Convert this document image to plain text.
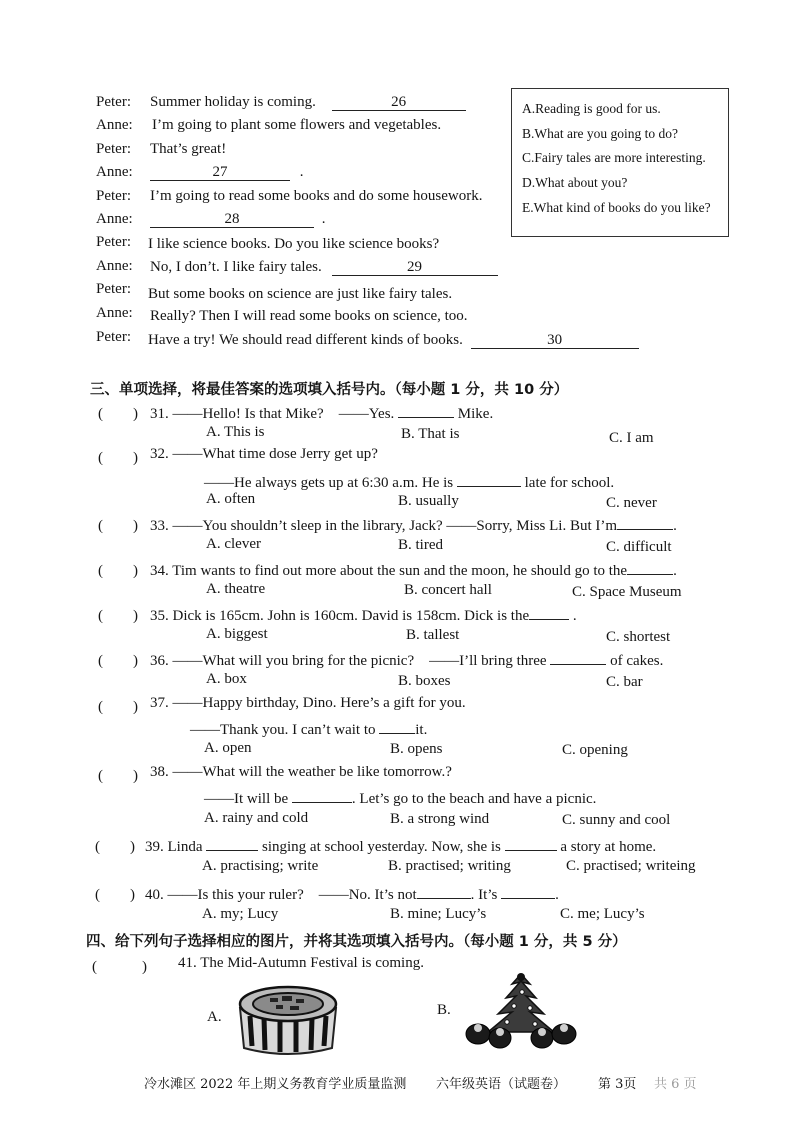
Peter: Summer holiday is coming.	26
Anne: I’m going to plant some flowers and vegetables.
Peter: That’s great!
Anne:	27	.
Peter: I’m going to read some books and do some housework.
Anne:	28	.
Peter: I like science books. Do you like science books?
Anne: No, I don’t. I like fairy tales.	29
Peter: But some books on science are just like fairy tales.
Anne: Really? Then I will read some books on science, too.
Peter: Have a try! We should read different kinds of books.	30
A.Reading is good for us.
B.What are you going to do?
C.Fairy tales are more interesting.
D.What about you?
E.What kind of books do you like?
三、单项选择，将最佳答案的选项填入括号内。（每小题 1 分，共 10 分）
(　　) 31. ——Hello! Is that Mike?　——Yes.	Mike.
A. This is	B. That is	C. I am
(　　) 32. ——What time dose Jerry get up?
——He always gets up at 6:30 a.m. He is	late for school.
A. often	B. usually	C. never
(　　) 33. ——You shouldn’t sleep in the library, Jack? ——Sorry, Miss Li. But I’m	.
A. clever	B. tired	C. difficult
(　　) 34. Tim wants to find out more about the sun and the moon, he should go to the	.
A. theatre	B. concert hall	C. Space Museum
(　　) 35. Dick is 165cm. John is 160cm. David is 158cm. Dick is the	.
A. biggest	B. tallest	C. shortest
(　　) 36. ——What will you bring for the picnic?　——I’ll bring three	of cakes.
A. box	B. boxes	C. bar
(　　) 37. ——Happy birthday, Dino. Here’s a gift for you.
——Thank you. I can’t wait to	it.
A. open	B. opens	C. opening
(　　) 38. ——What will the weather be like tomorrow.?
——It will be	. Let’s go to the beach and have a picnic.
A. rainy and cold	B. a strong wind	C. sunny and cool
(　　) 39. Linda	singing at school yesterday. Now, she is	a story at home.
A. practising; write	B. practised; writing	C. practised; writeing
(　　) 40. ——Is this your ruler?　——No. It’s not	. It’s	.
A. my; Lucy	B. mine; Lucy’s	C. me; Lucy’s
四、给下列句子选择相应的图片，并将其选项填入括号内。（每小题 1 分，共 5 分）
(　　　) 41. The Mid-Autumn Festival is coming.
A.	B.
冷水滩区 2022 年上期义务教育学业质量监测 六年级英语（试题卷） 第 3页 共 6 页
